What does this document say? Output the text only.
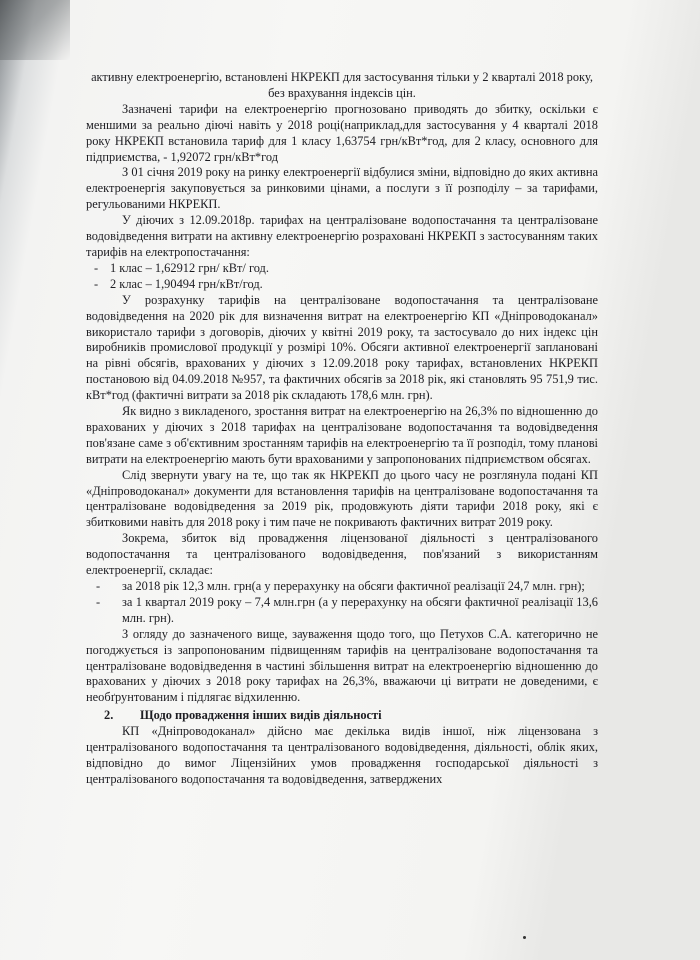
активну електроенергію, встановлені НКРЕКП для застосування тільки у 2 кварталі 2018 року, без врахування індексів цін.

Зазначені тарифи на електроенергію прогнозовано приводять до збитку, оскільки є меншими за реально діючі навіть у 2018 році(наприклад,для застосування у 4 кварталі 2018 року НКРЕКП встановила тариф для 1 класу 1,63754 грн/кВт*год, для 2 класу, основного для підприємства, - 1,92072 грн/кВт*год

З 01 січня 2019 року на ринку електроенергії відбулися зміни, відповідно до яких активна електроенергія закуповується за ринковими цінами, а послуги з її розподілу – за тарифами, регульованими НКРЕКП.

У діючих з 12.09.2018р. тарифах на централізоване водопостачання та централізоване водовідведення витрати на активну електроенергію розраховані НКРЕКП з застосуванням таких тарифів на електропостачання:

- 1 клас – 1,62912 грн/ кВт/ год.
- 2 клас – 1,90494 грн/кВт/год.

У розрахунку тарифів на централізоване водопостачання та централізоване водовідведення на 2020 рік для визначення витрат на електроенергію КП «Дніпроводоканал» використало тарифи з договорів, діючих у квітні 2019 року, та застосувало до них індекс цін виробників промислової продукції у розмірі 10%. Обсяги активної електроенергії заплановані на рівні обсягів, врахованих у діючих з 12.09.2018 року тарифах, встановлених НКРЕКП постановою від 04.09.2018 №957, та фактичних обсягів за 2018 рік, які становлять 95 751,9 тис. кВт*год (фактичні витрати за 2018 рік складають 178,6 млн. грн).

Як видно з викладеного, зростання витрат на електроенергію на 26,3% по відношенню до врахованих у діючих з 2018 тарифах на централізоване водопостачання та водовідведення пов'язане саме з об'єктивним зростанням тарифів на електроенергію та її розподіл, тому планові витрати на електроенергію мають бути врахованими у запропонованих підприємством обсягах.

Слід звернути увагу на те, що так як НКРЕКП до цього часу не розглянула подані КП «Дніпроводоканал» документи для встановлення тарифів на централізоване водопостачання та централізоване водовідведення за 2019 рік, продовжують діяти тарифи 2018 року, які є збитковими навіть для 2018 року і тим паче не покривають фактичних витрат 2019 року.

Зокрема, збиток від провадження ліцензованої діяльності з централізованого водопостачання та централізованого водовідведення, пов'язаний з використанням електроенергії, складає:

- за 2018 рік 12,3 млн. грн(а у перерахунку на обсяги фактичної реалізації 24,7 млн. грн);
- за 1 квартал 2019 року – 7,4 млн.грн (а у перерахунку на обсяги фактичної реалізації 13,6 млн. грн).

З огляду до зазначеного вище, зауваження щодо того, що Петухов С.А. категорично не погоджується із запропонованим підвищенням тарифів на централізоване водопостачання та централізоване водовідведення в частині збільшення витрат на електроенергію відношенню до врахованих у діючих з 2018 року тарифах на 26,3%, вважаючи ці витрати не доведеними, є необґрунтованим і підлягає відхиленню.

2. Щодо провадження інших видів діяльності

КП «Дніпроводоканал» дійсно має декілька видів іншої, ніж ліцензована з централізованого водопостачання та централізованого водовідведення, діяльності, облік яких, відповідно до вимог Ліцензійних умов провадження господарської діяльності з централізованого водопостачання та водовідведення, затверджених
